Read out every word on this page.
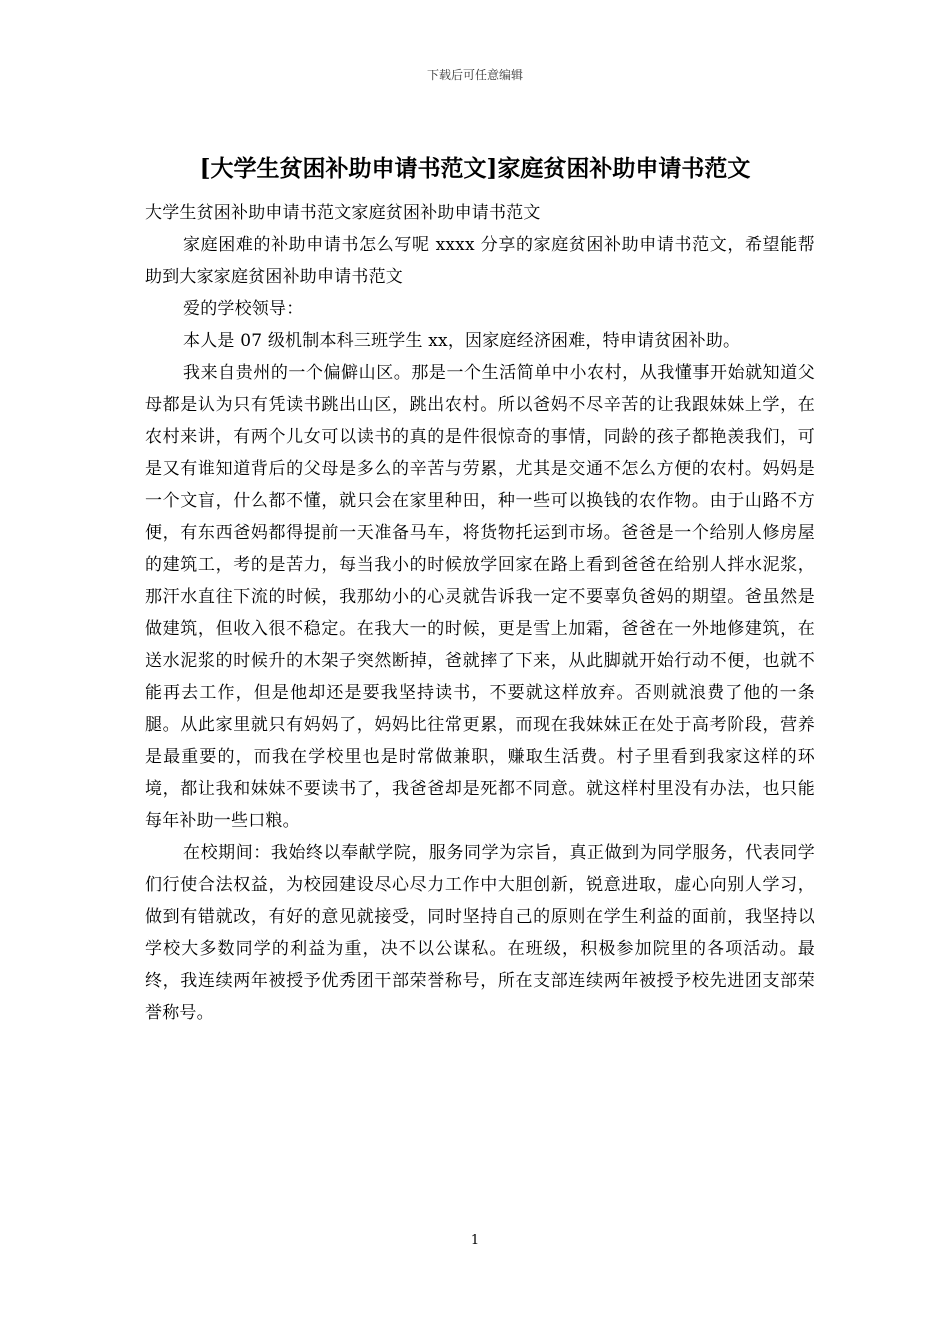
下载后可任意编辑
[大学生贫困补助申请书范文]家庭贫困补助申请书范文

大学生贫困补助申请书范文家庭贫困补助申请书范文

家庭困难的补助申请书怎么写呢 xxxx 分享的家庭贫困补助申请书范文，希望能帮助到大家家庭贫困补助申请书范文

爱的学校领导：

本人是 07 级机制本科三班学生 xx，因家庭经济困难，特申请贫困补助。

我来自贵州的一个偏僻山区。那是一个生活简单中小农村，从我懂事开始就知道父母都是认为只有凭读书跳出山区，跳出农村。所以爸妈不尽辛苦的让我跟妹妹上学，在农村来讲，有两个儿女可以读书的真的是件很惊奇的事情，同龄的孩子都艳羡我们，可是又有谁知道背后的父母是多么的辛苦与劳累，尤其是交通不怎么方便的农村。妈妈是一个文盲，什么都不懂，就只会在家里种田，种一些可以换钱的农作物。由于山路不方便，有东西爸妈都得提前一天准备马车，将货物托运到市场。爸爸是一个给别人修房屋的建筑工，考的是苦力，每当我小的时候放学回家在路上看到爸爸在给别人拌水泥浆，那汗水直往下流的时候，我那幼小的心灵就告诉我一定不要辜负爸妈的期望。爸虽然是做建筑，但收入很不稳定。在我大一的时候，更是雪上加霜，爸爸在一外地修建筑，在送水泥浆的时候升的木架子突然断掉，爸就摔了下来，从此脚就开始行动不便，也就不能再去工作，但是他却还是要我坚持读书，不要就这样放弃。否则就浪费了他的一条腿。从此家里就只有妈妈了，妈妈比往常更累，而现在我妹妹正在处于高考阶段，营养是最重要的，而我在学校里也是时常做兼职，赚取生活费。村子里看到我家这样的环境，都让我和妹妹不要读书了，我爸爸却是死都不同意。就这样村里没有办法，也只能每年补助一些口粮。

在校期间：我始终以奉献学院，服务同学为宗旨，真正做到为同学服务，代表同学们行使合法权益，为校园建设尽心尽力工作中大胆创新，锐意进取，虚心向别人学习，做到有错就改，有好的意见就接受，同时坚持自己的原则在学生利益的面前，我坚持以学校大多数同学的利益为重，决不以公谋私。在班级，积极参加院里的各项活动。最终，我连续两年被授予优秀团干部荣誉称号，所在支部连续两年被授予校先进团支部荣誉称号。

1
